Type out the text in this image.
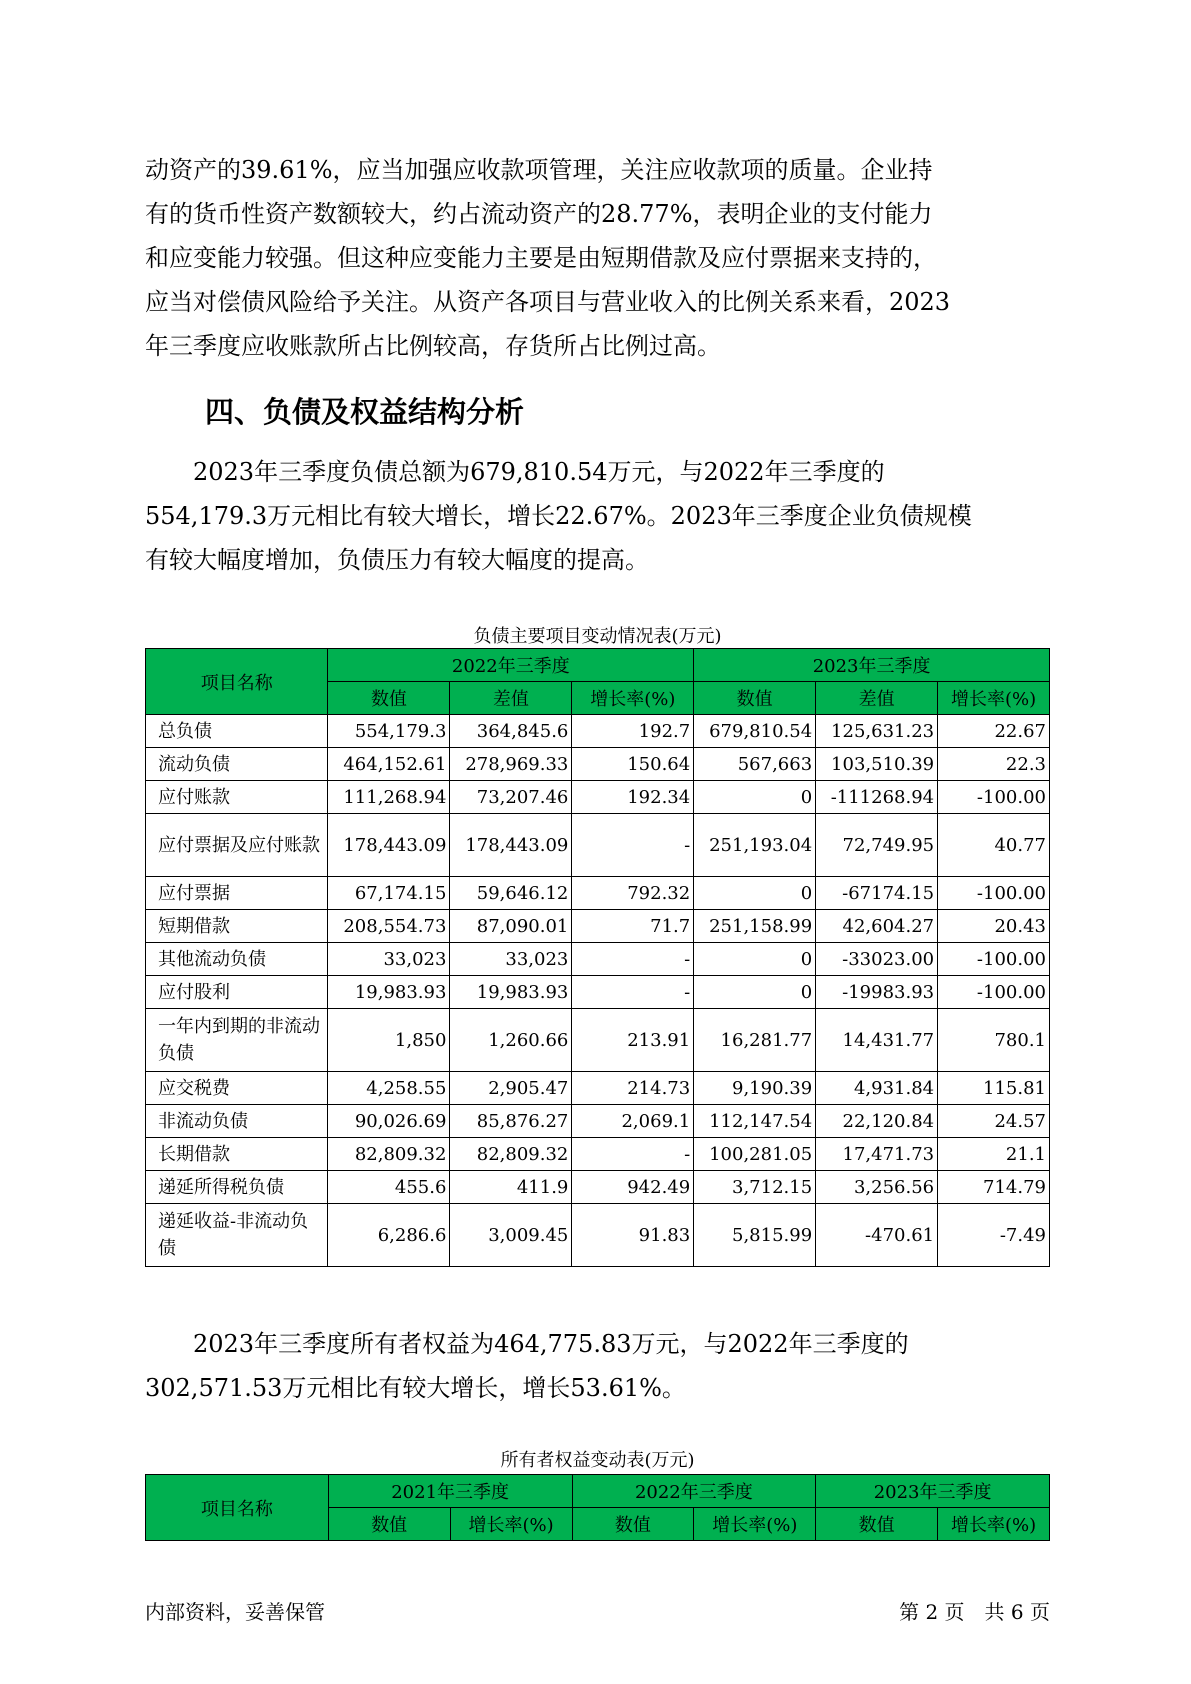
动资产的39.61%，应当加强应收款项管理，关注应收款项的质量。企业持
有的货币性资产数额较大，约占流动资产的28.77%，表明企业的支付能力
和应变能力较强。但这种应变能力主要是由短期借款及应付票据来支持的，
应当对偿债风险给予关注。从资产各项目与营业收入的比例关系来看，2023
年三季度应收账款所占比例较高，存货所占比例过高。

四、负债及权益结构分析

　　2023年三季度负债总额为679,810.54万元，与2022年三季度的
554,179.3万元相比有较大增长，增长22.67%。2023年三季度企业负债规模
有较大幅度增加，负债压力有较大幅度的提高。

负债主要项目变动情况表(万元)
项目名称	2022年三季度			2023年三季度		
	数值	差值	增长率(%)	数值	差值	增长率(%)
总负债	554,179.3	364,845.6	192.7	679,810.54	125,631.23	22.67
流动负债	464,152.61	278,969.33	150.64	567,663	103,510.39	22.3
应付账款	111,268.94	73,207.46	192.34	0	-111268.94	-100.00
应付票据及应付账款	178,443.09	178,443.09	-	251,193.04	72,749.95	40.77
应付票据	67,174.15	59,646.12	792.32	0	-67174.15	-100.00
短期借款	208,554.73	87,090.01	71.7	251,158.99	42,604.27	20.43
其他流动负债	33,023	33,023	-	0	-33023.00	-100.00
应付股利	19,983.93	19,983.93	-	0	-19983.93	-100.00
一年内到期的非流动负债	1,850	1,260.66	213.91	16,281.77	14,431.77	780.1
应交税费	4,258.55	2,905.47	214.73	9,190.39	4,931.84	115.81
非流动负债	90,026.69	85,876.27	2,069.1	112,147.54	22,120.84	24.57
长期借款	82,809.32	82,809.32	-	100,281.05	17,471.73	21.1
递延所得税负债	455.6	411.9	942.49	3,712.15	3,256.56	714.79
递延收益-非流动负债	6,286.6	3,009.45	91.83	5,815.99	-470.61	-7.49

　　2023年三季度所有者权益为464,775.83万元，与2022年三季度的
302,571.53万元相比有较大增长，增长53.61%。

所有者权益变动表(万元)
项目名称	2021年三季度		2022年三季度		2023年三季度	
	数值	增长率(%)	数值	增长率(%)	数值	增长率(%)
内部资料，妥善保管	第 2 页　共 6 页
